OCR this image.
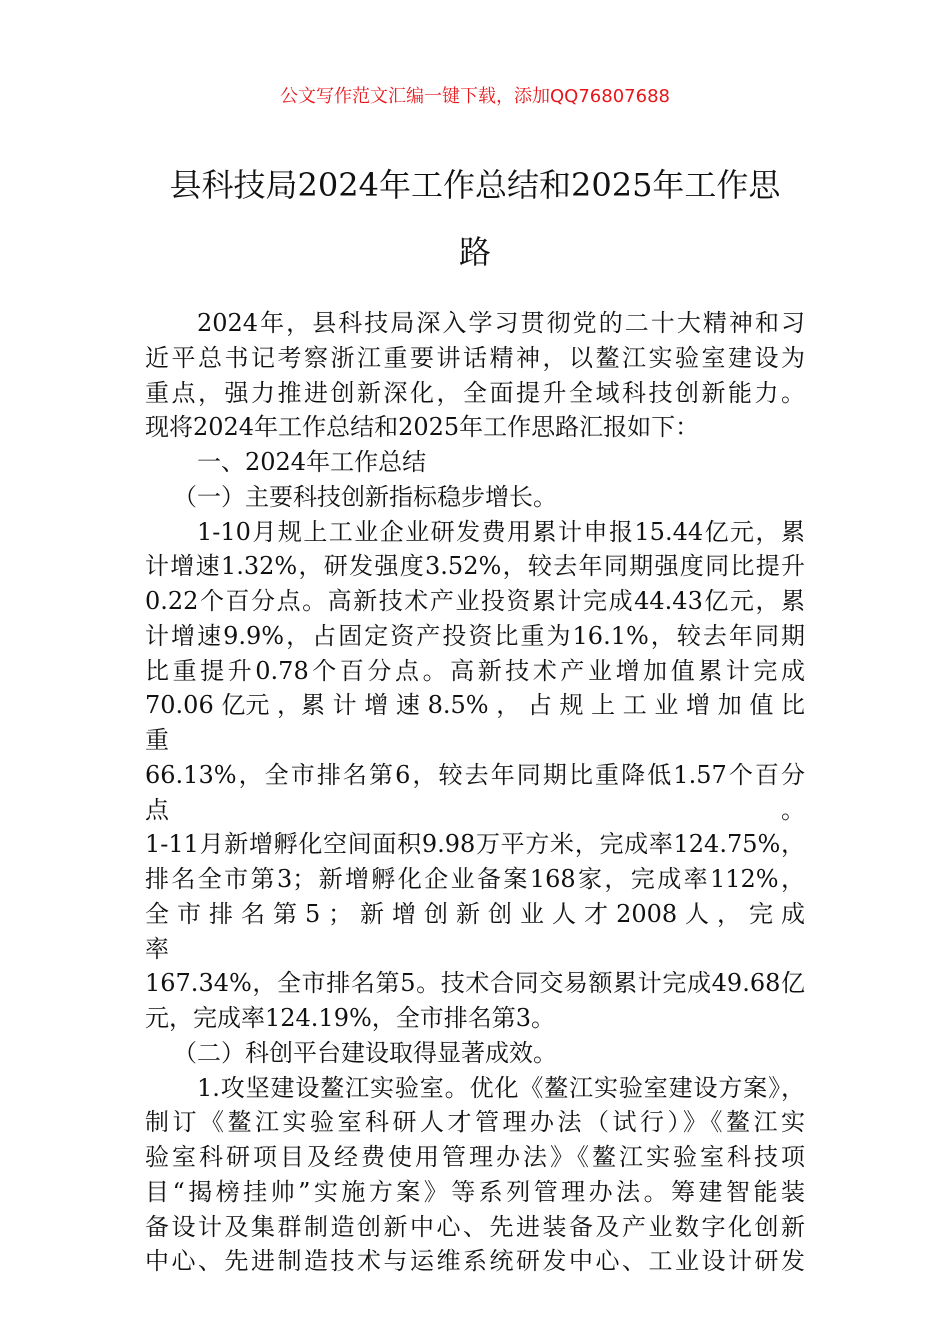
公文写作范文汇编一键下载，添加QQ76807688
县科技局2024年工作总结和2025年工作思
路
2024年，县科技局深入学习贯彻党的二十大精神和习
近平总书记考察浙江重要讲话精神，以鳌江实验室建设为
重点，强力推进创新深化，全面提升全域科技创新能力。
现将2024年工作总结和2025年工作思路汇报如下：
一、2024年工作总结
（一）主要科技创新指标稳步增长。
1-10月规上工业企业研发费用累计申报15.44亿元，累
计增速1.32%，研发强度3.52%，较去年同期强度同比提升
0.22个百分点。高新技术产业投资累计完成44.43亿元，累
计增速9.9%，占固定资产投资比重为16.1%，较去年同期
比重提升0.78个百分点。高新技术产业增加值累计完成
70.06 亿元 ，累 计 增 速 8.5% ， 占 规 上 工 业 增 加 值 比 重
66.13%，全市排名第6，较去年同期比重降低1.57个百分点。
1-11月新增孵化空间面积9.98万平方米，完成率124.75%，
排名全市第3；新增孵化企业备案168家，完成率112%，
全 市 排 名 第 5 ； 新 增 创 新 创 业 人 才 2008 人 ， 完 成 率
167.34%，全市排名第5。技术合同交易额累计完成49.68亿
元，完成率124.19%，全市排名第3。
（二）科创平台建设取得显著成效。
1.攻坚建设鳌江实验室。优化《鳌江实验室建设方案》，
制订《鳌江实验室科研人才管理办法（试行）》《鳌江实
验室科研项目及经费使用管理办法》《鳌江实验室科技项
目“揭榜挂帅”实施方案》等系列管理办法。筹建智能装
备设计及集群制造创新中心、先进装备及产业数字化创新
中心、先进制造技术与运维系统研发中心、工业设计研发
